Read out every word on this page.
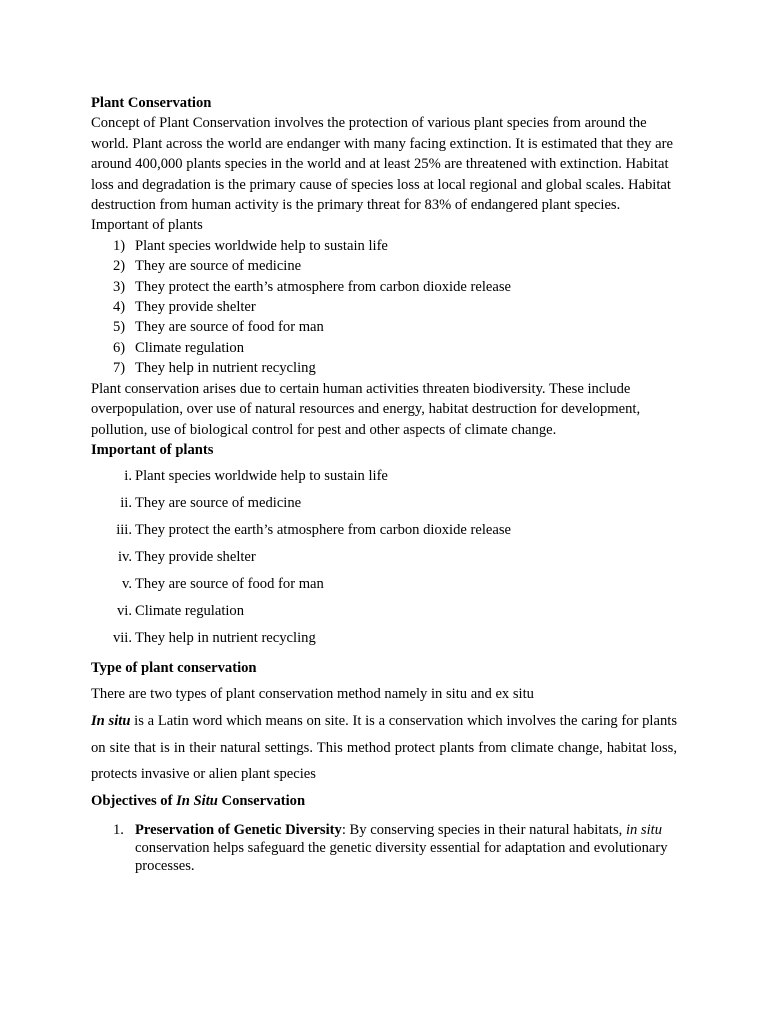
Plant Conservation
Concept of Plant Conservation involves the protection of various plant species from around the world. Plant across the world are endanger with many facing extinction. It is estimated that they are around 400,000 plants species in the world and at least 25% are threatened with extinction. Habitat loss and degradation is the primary cause of species loss at local regional and global scales. Habitat destruction from human activity is the primary threat for 83% of endangered plant species.
Important of plants
1) Plant species worldwide help to sustain life
2) They are source of medicine
3) They protect the earth’s atmosphere from carbon dioxide release
4) They provide shelter
5) They are source of food for man
6) Climate regulation
7) They help in nutrient recycling
Plant conservation arises due to certain human activities threaten biodiversity. These include overpopulation, over use of natural resources and energy, habitat destruction for development, pollution, use of biological control for pest and other aspects of climate change.
Important of plants
i. Plant species worldwide help to sustain life
ii. They are source of medicine
iii. They protect the earth’s atmosphere from carbon dioxide release
iv. They provide shelter
v. They are source of food for man
vi. Climate regulation
vii. They help in nutrient recycling
Type of plant conservation
There are two types of plant conservation method namely in situ and ex situ
In situ is a Latin word which means on site. It is a conservation which involves the caring for plants on site that is in their natural settings. This method protect plants from climate change, habitat loss, protects invasive or alien plant species
Objectives of In Situ Conservation
1. Preservation of Genetic Diversity: By conserving species in their natural habitats, in situ conservation helps safeguard the genetic diversity essential for adaptation and evolutionary processes.
